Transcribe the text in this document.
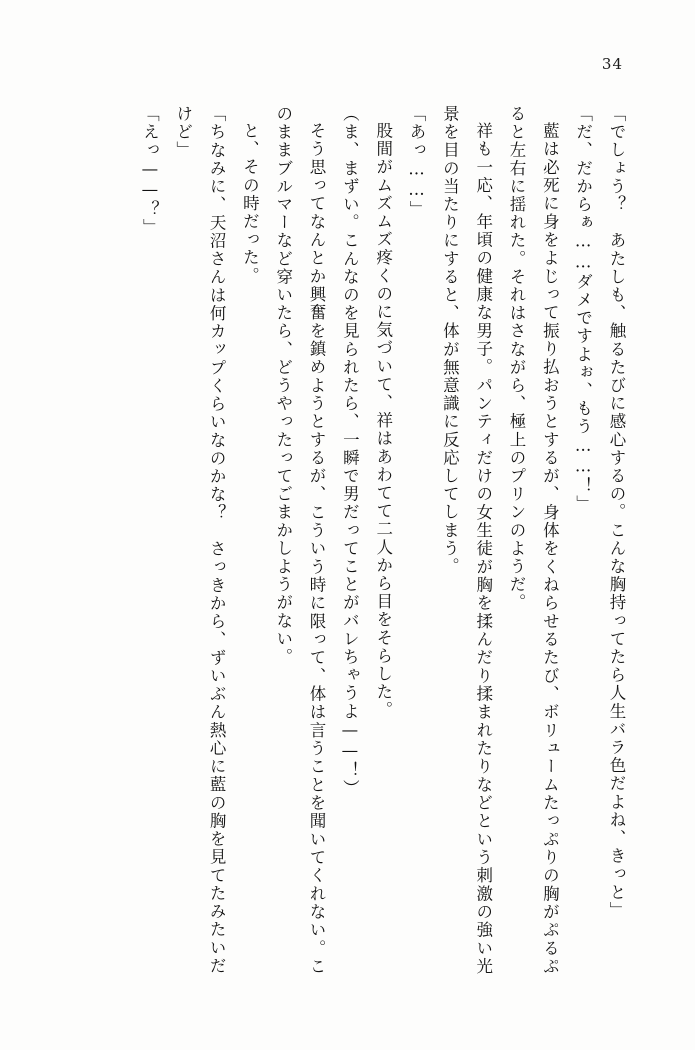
34

「でしょう？　あたしも、触るたびに感心するの。こんな胸持ってたら人生バラ色だよね、きっと」

「だ、だからぁ……ダメですよぉ、もう……！」

藍は必死に身をよじって振り払おうとするが、身体をくねらせるたび、ボリュームたっぷりの胸がぷるぷると左右に揺れた。それはさながら、極上のプリンのようだ。

祥も一応、年頃の健康な男子。パンティだけの女生徒が胸を揉んだり揉まれたりなどという刺激の強い光景を目の当たりにすると、体が無意識に反応してしまう。

「あっ……」

股間がムズムズ疼くのに気づいて、祥はあわてて二人から目をそらした。

（ま、まずい。こんなのを見られたら、一瞬で男だってことがバレちゃうよ——！）

そう思ってなんとか興奮を鎮めようとするが、こういう時に限って、体は言うことを聞いてくれない。このままブルマーなど穿いたら、どうやったってごまかしようがない。

と、その時だった。

「ちなみに、天沼さんは何カップくらいなのかな？　さっきから、ずいぶん熱心に藍の胸を見てたみたいだけど」

「えっ——？」
